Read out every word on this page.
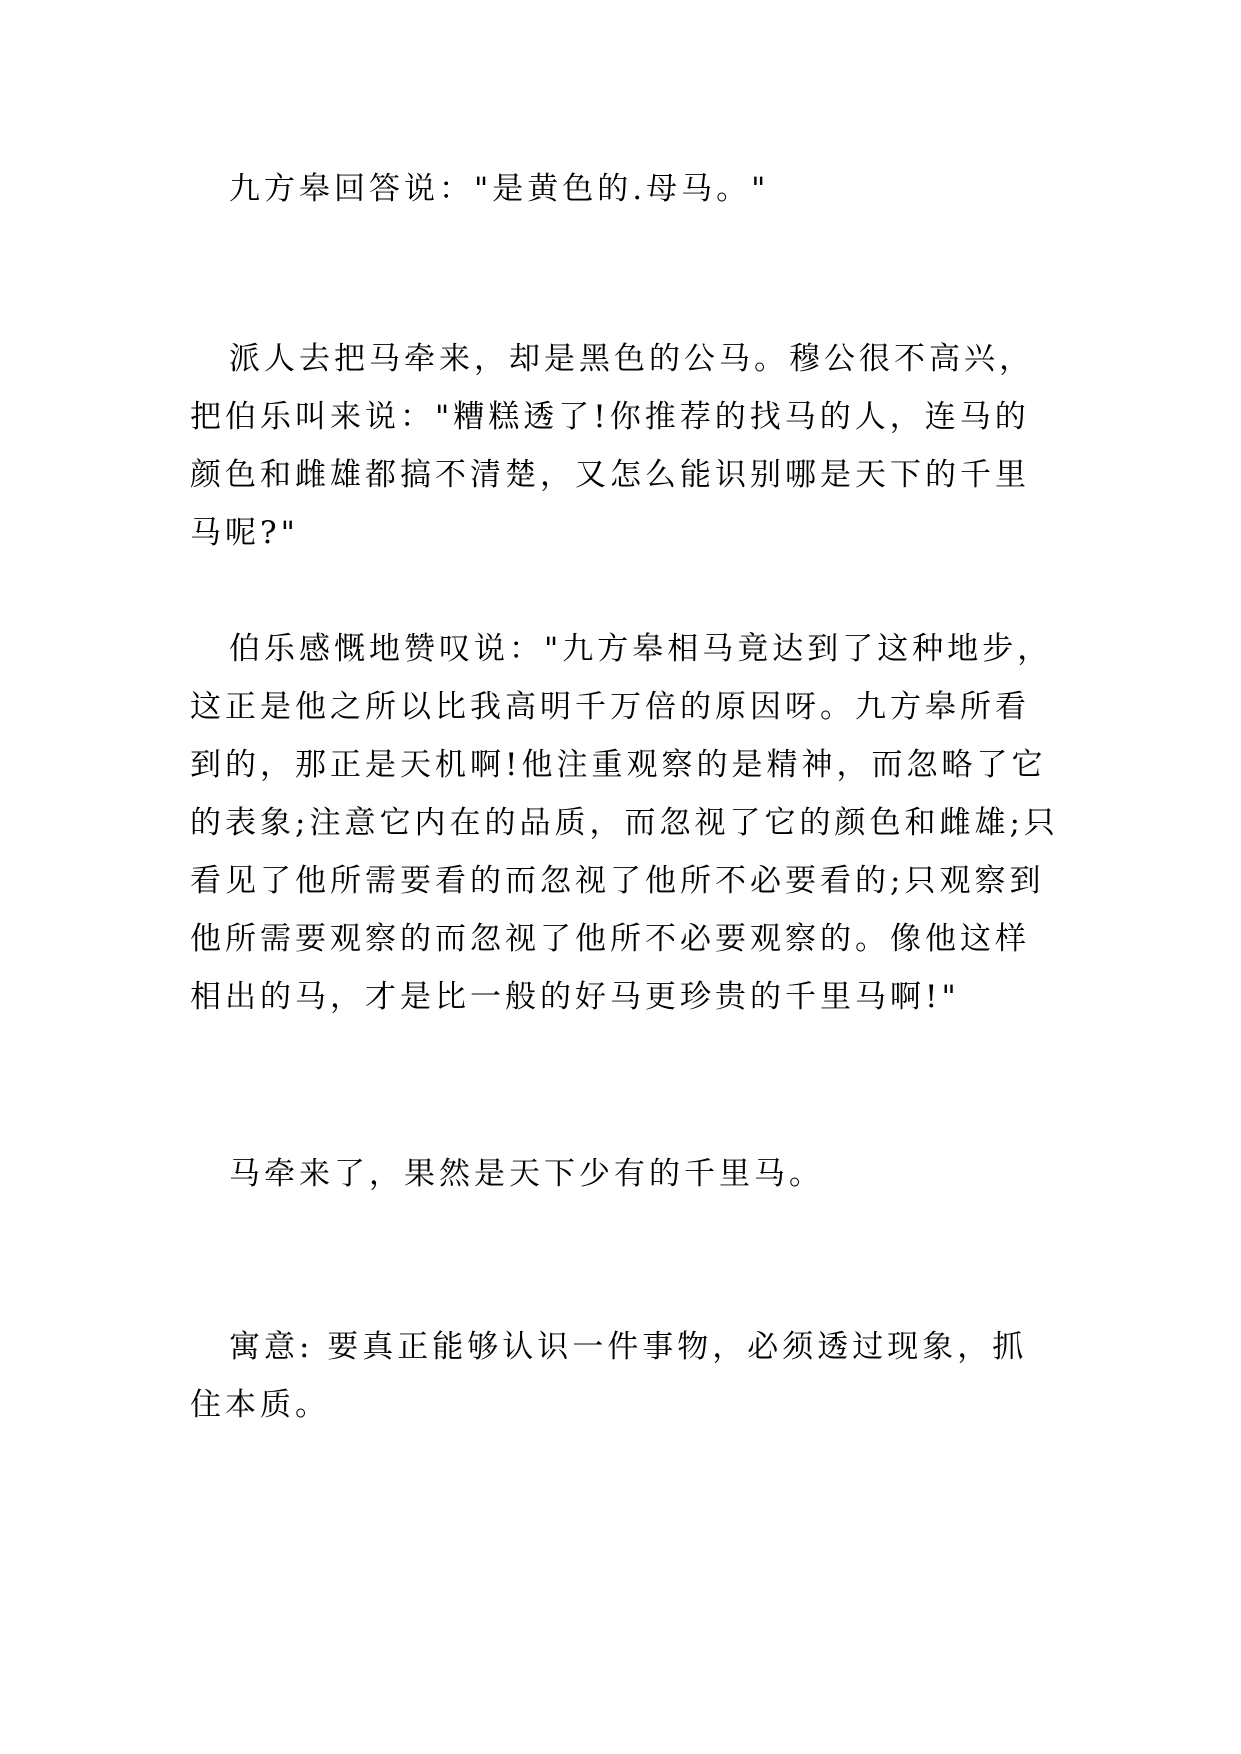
九方皋回答说："是黄色的.母马。"

派人去把马牵来，却是黑色的公马。穆公很不高兴，把伯乐叫来说："糟糕透了!你推荐的找马的人，连马的颜色和雌雄都搞不清楚，又怎么能识别哪是天下的千里马呢?"

伯乐感慨地赞叹说："九方皋相马竟达到了这种地步，这正是他之所以比我高明千万倍的原因呀。九方皋所看到的，那正是天机啊!他注重观察的是精神，而忽略了它的表象;注意它内在的品质，而忽视了它的颜色和雌雄;只看见了他所需要看的而忽视了他所不必要看的;只观察到他所需要观察的而忽视了他所不必要观察的。像他这样相出的马，才是比一般的好马更珍贵的千里马啊!"

马牵来了，果然是天下少有的千里马。

寓意: 要真正能够认识一件事物，必须透过现象，抓住本质。
